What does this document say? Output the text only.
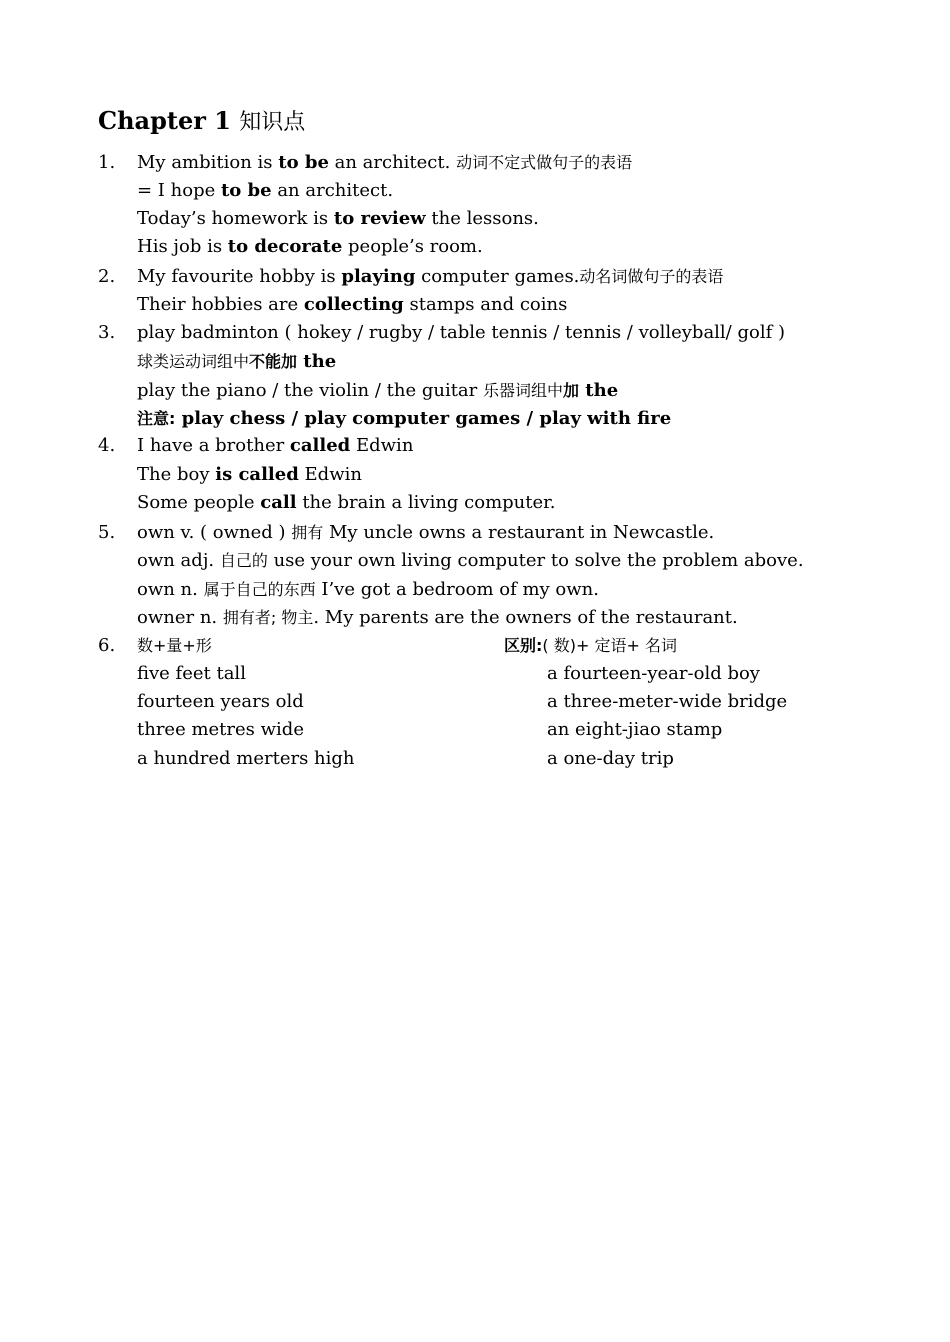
Chapter 1 知识点
1. My ambition is to be an architect. 动词不定式做句子的表语
= I hope to be an architect.
Today’s homework is to review the lessons.
His job is to decorate people’s room.
2. My favourite hobby is playing computer games.动名词做句子的表语
Their hobbies are collecting stamps and coins
3. play badminton ( hokey / rugby / table tennis / tennis / volleyball/ golf )
球类运动词组中不能加 the
play the piano / the violin / the guitar 乐器词组中加 the
注意: play chess / play computer games / play with fire
4. I have a brother called Edwin
The boy is called Edwin
Some people call the brain a living computer.
5. own v. ( owned ) 拥有 My uncle owns a restaurant in Newcastle.
own adj. 自己的 use your own living computer to solve the problem above.
own n. 属于自己的东西 I’ve got a bedroom of my own.
owner n. 拥有者; 物主. My parents are the owners of the restaurant.
6. 数+量+形	区别:( 数)+ 定语+ 名词
five feet tall
fourteen years old
three metres wide
a hundred merters high
a fourteen-year-old boy
a three-meter-wide bridge
an eight-jiao stamp
a one-day trip
